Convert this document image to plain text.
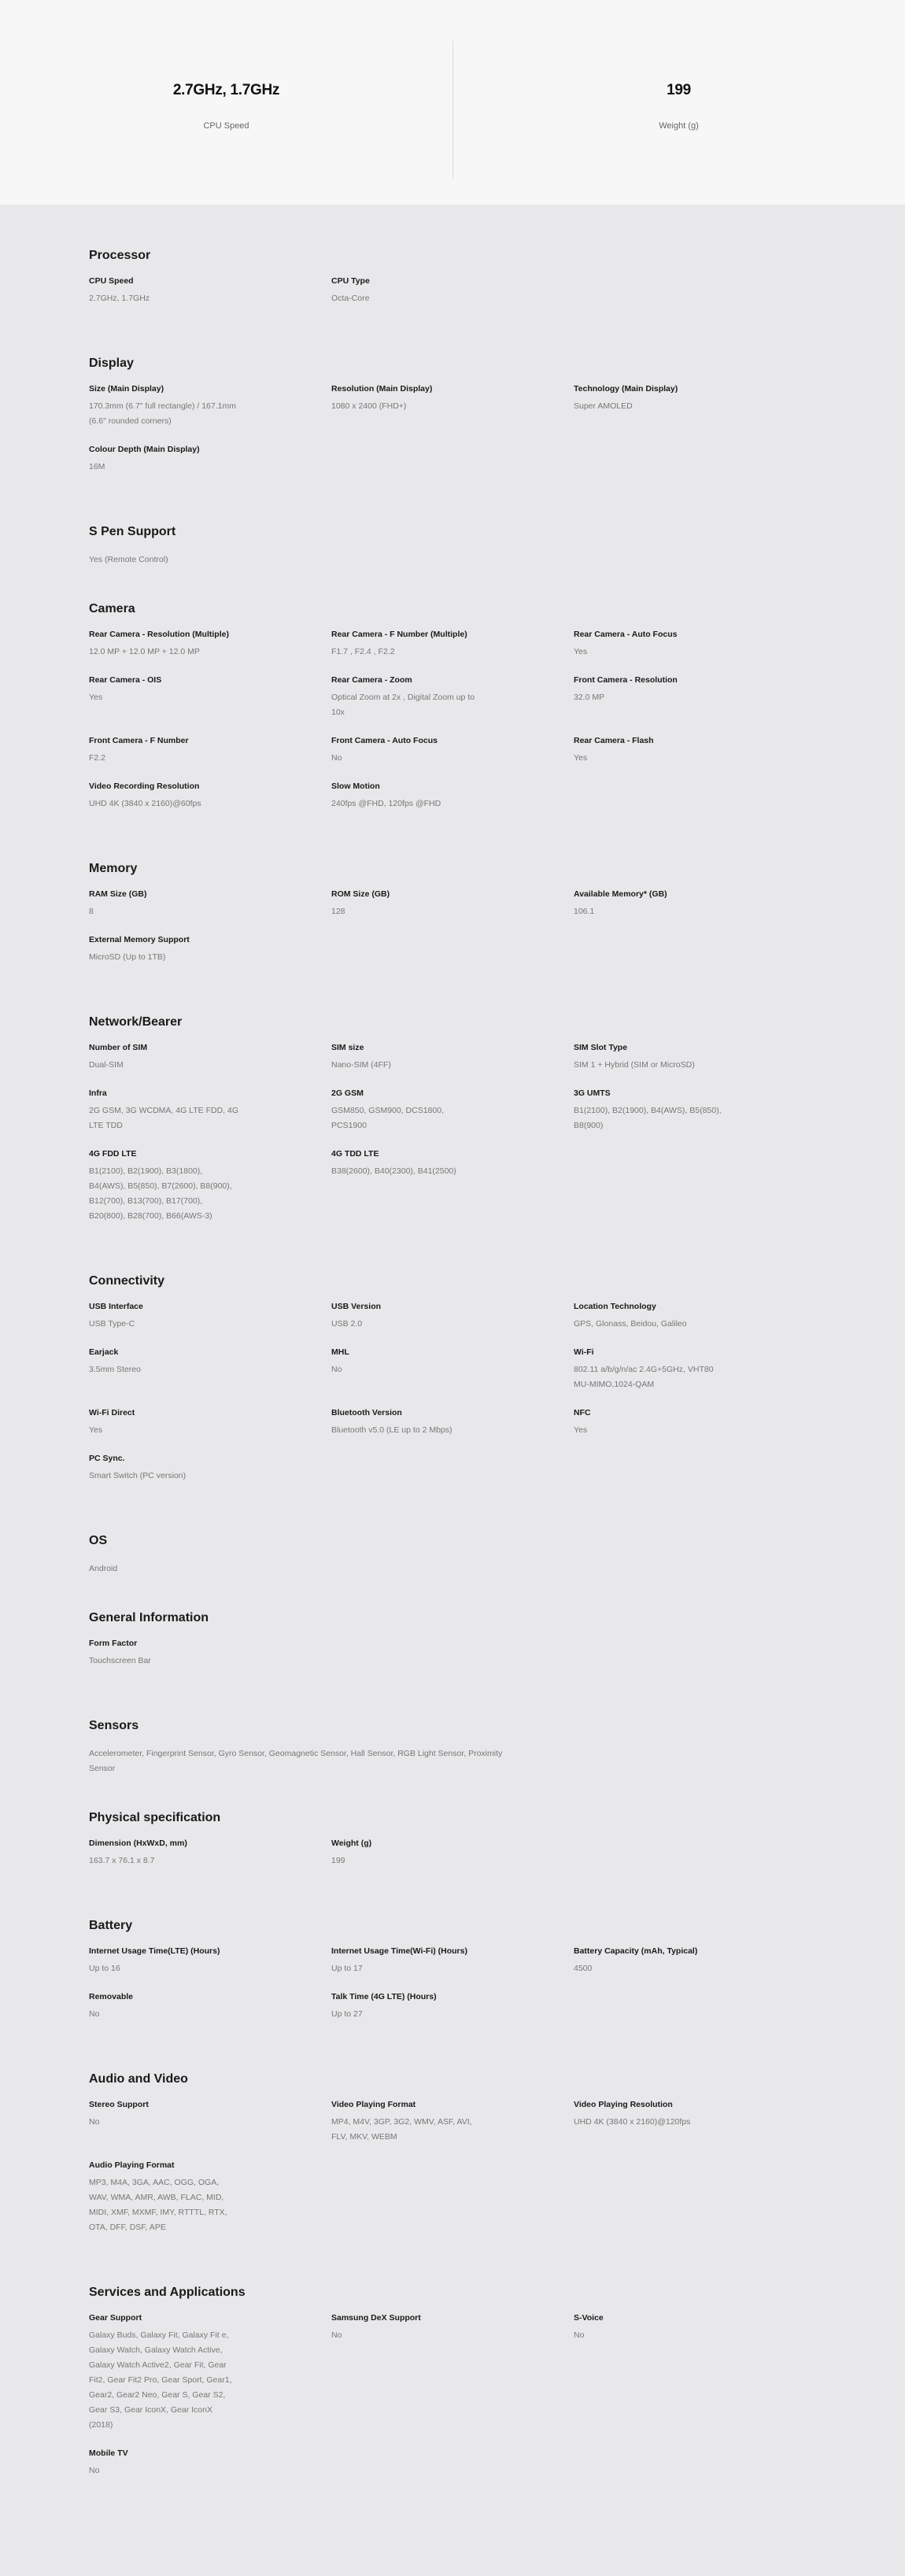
2.7GHz, 1.7GHz
CPU Speed
199
Weight (g)
Processor
CPU Speed
2.7GHz, 1.7GHz
CPU Type
Octa-Core
Display
Size (Main Display)
170.3mm (6.7" full rectangle) / 167.1mm (6.6" rounded corners)
Resolution (Main Display)
1080 x 2400 (FHD+)
Technology (Main Display)
Super AMOLED
Colour Depth (Main Display)
16M
S Pen Support
Yes (Remote Control)
Camera
Rear Camera - Resolution (Multiple)
12.0 MP + 12.0 MP + 12.0 MP
Rear Camera - F Number (Multiple)
F1.7 , F2.4 , F2.2
Rear Camera - Auto Focus
Yes
Rear Camera - OIS
Yes
Rear Camera - Zoom
Optical Zoom at 2x , Digital Zoom up to 10x
Front Camera - Resolution
32.0 MP
Front Camera - F Number
F2.2
Front Camera - Auto Focus
No
Rear Camera - Flash
Yes
Video Recording Resolution
UHD 4K (3840 x 2160)@60fps
Slow Motion
240fps @FHD, 120fps @FHD
Memory
RAM Size (GB)
8
ROM Size (GB)
128
Available Memory* (GB)
106.1
External Memory Support
MicroSD (Up to 1TB)
Network/Bearer
Number of SIM
Dual-SIM
SIM size
Nano-SIM (4FF)
SIM Slot Type
SIM 1 + Hybrid (SIM or MicroSD)
Infra
2G GSM, 3G WCDMA, 4G LTE FDD, 4G LTE TDD
2G GSM
GSM850, GSM900, DCS1800, PCS1900
3G UMTS
B1(2100), B2(1900), B4(AWS), B5(850), B8(900)
4G FDD LTE
B1(2100), B2(1900), B3(1800), B4(AWS), B5(850), B7(2600), B8(900), B12(700), B13(700), B17(700), B20(800), B28(700), B66(AWS-3)
4G TDD LTE
B38(2600), B40(2300), B41(2500)
Connectivity
USB Interface
USB Type-C
USB Version
USB 2.0
Location Technology
GPS, Glonass, Beidou, Galileo
Earjack
3.5mm Stereo
MHL
No
Wi-Fi
802.11 a/b/g/n/ac 2.4G+5GHz, VHT80 MU-MIMO,1024-QAM
Wi-Fi Direct
Yes
Bluetooth Version
Bluetooth v5.0 (LE up to 2 Mbps)
NFC
Yes
PC Sync.
Smart Switch (PC version)
OS
Android
General Information
Form Factor
Touchscreen Bar
Sensors
Accelerometer, Fingerprint Sensor, Gyro Sensor, Geomagnetic Sensor, Hall Sensor, RGB Light Sensor, Proximity Sensor
Physical specification
Dimension (HxWxD, mm)
163.7 x 76.1 x 8.7
Weight (g)
199
Battery
Internet Usage Time(LTE) (Hours)
Up to 16
Internet Usage Time(Wi-Fi) (Hours)
Up to 17
Battery Capacity (mAh, Typical)
4500
Removable
No
Talk Time (4G LTE) (Hours)
Up to 27
Audio and Video
Stereo Support
No
Video Playing Format
MP4, M4V, 3GP, 3G2, WMV, ASF, AVI, FLV, MKV, WEBM
Video Playing Resolution
UHD 4K (3840 x 2160)@120fps
Audio Playing Format
MP3, M4A, 3GA, AAC, OGG, OGA, WAV, WMA, AMR, AWB, FLAC, MID, MIDI, XMF, MXMF, IMY, RTTTL, RTX, OTA, DFF, DSF, APE
Services and Applications
Gear Support
Galaxy Buds, Galaxy Fit, Galaxy Fit e, Galaxy Watch, Galaxy Watch Active, Galaxy Watch Active2, Gear Fit, Gear Fit2, Gear Fit2 Pro, Gear Sport, Gear1, Gear2, Gear2 Neo, Gear S, Gear S2, Gear S3, Gear IconX, Gear IconX (2018)
Samsung DeX Support
No
S-Voice
No
Mobile TV
No
